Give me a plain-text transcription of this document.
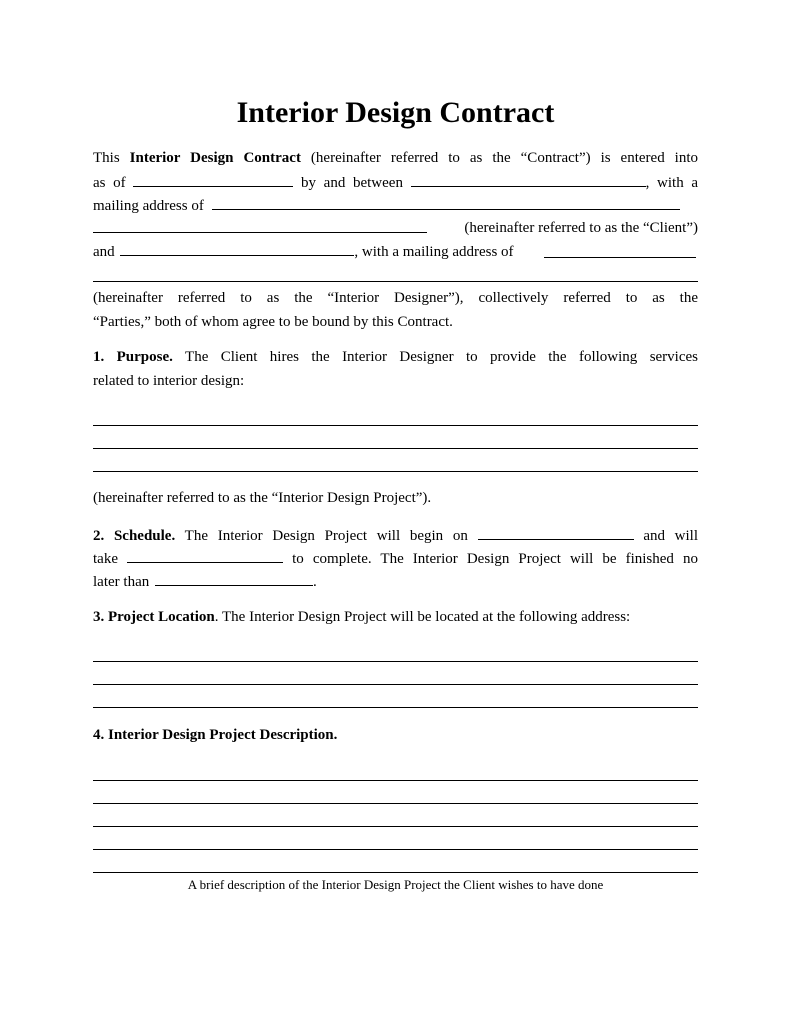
Interior Design Contract
This Interior Design Contract (hereinafter referred to as the “Contract”) is entered into
as of	by and between	, with a
mailing address of
(hereinafter referred to as the “Client”)
and	, with a mailing address of
(hereinafter referred to as the “Interior Designer”), collectively referred to as the
“Parties,” both of whom agree to be bound by this Contract.
1. Purpose. The Client hires the Interior Designer to provide the following services
related to interior design:
(hereinafter referred to as the “Interior Design Project”).
2. Schedule. The Interior Design Project will begin on	and will
take	to complete. The Interior Design Project will be finished no
later than	.
3. Project Location. The Interior Design Project will be located at the following address:
4. Interior Design Project Description.
A brief description of the Interior Design Project the Client wishes to have done
